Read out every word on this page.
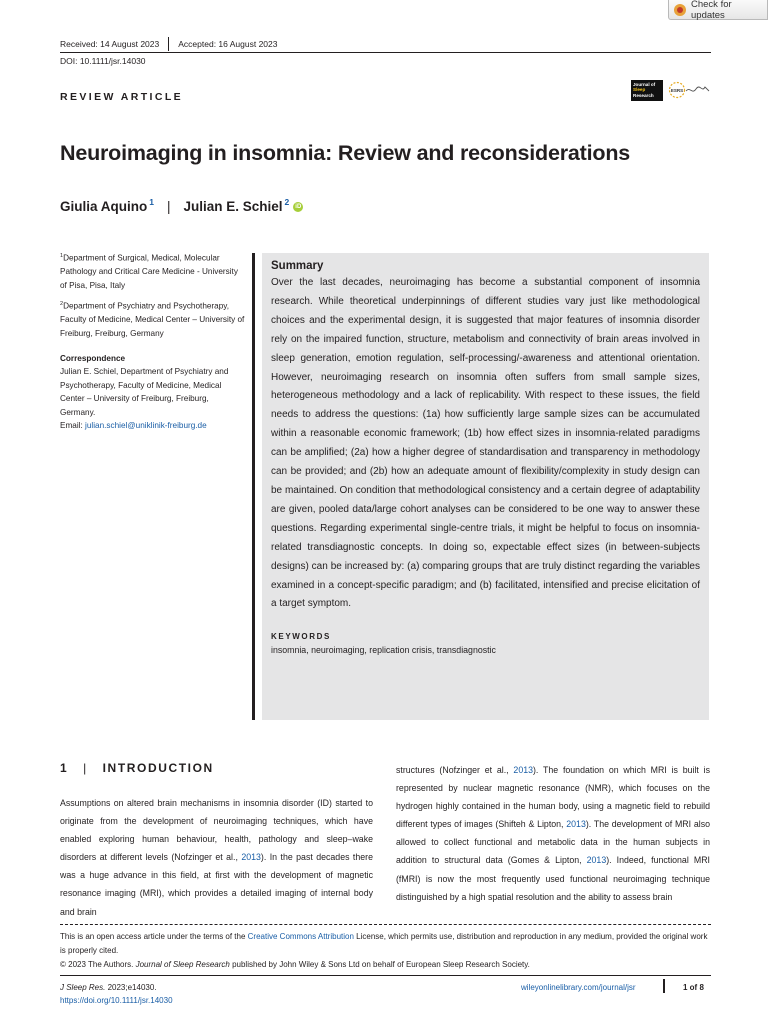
Check for updates
Received: 14 August 2023 Accepted: 16 August 2023
DOI: 10.1111/jsr.14030
REVIEW ARTICLE
Journal of
Sleep
Research
ESRS
Neuroimaging in insomnia: Review and reconsiderations
Giulia Aquino$^1$ | Julian E. Schiel$^2$	iD

$^1$Department of Surgical, Medical, Molecular Pathology and Critical Care Medicine - University of Pisa, Pisa, Italy

$^2$Department of Psychiatry and Psychotherapy, Faculty of Medicine, Medical Center – University of Freiburg, Freiburg, Germany

Correspondence

Julian E. Schiel, Department of Psychiatry and Psychotherapy, Faculty of Medicine, Medical Center – University of Freiburg, Freiburg, Germany.
Email: julian.schiel@uniklinik-freiburg.de

Summary

Over the last decades, neuroimaging has become a substantial component of insomnia research. While theoretical underpinnings of different studies vary just like methodological choices and the experimental design, it is suggested that major features of insomnia disorder rely on the impaired function, structure, metabolism and connectivity of brain areas involved in sleep generation, emotion regulation, self-processing/-awareness and attentional orientation. However, neuroimaging research on insomnia often suffers from small sample sizes, heterogeneous methodology and a lack of replicability. With respect to these issues, the field needs to address the questions: (1a) how sufficiently large sample sizes can be accumulated within a reasonable economic framework; (1b) how effect sizes in insomnia-related paradigms can be amplified; (2a) how a higher degree of standardisation and transparency in methodology can be provided; and (2b) how an adequate amount of flexibility/complexity in study design can be maintained. On condition that methodological consistency and a certain degree of adaptability are given, pooled data/large cohort analyses can be considered to be one way to answer these questions. Regarding experimental single-centre trials, it might be helpful to focus on insomnia-related transdiagnostic concepts. In doing so, expectable effect sizes (in between-subjects designs) can be increased by: (a) comparing groups that are truly distinct regarding the variables examined in a concept-specific paradigm; and (b) facilitated, intensified and precise elicitation of a target symptom.

KEYWORDS
insomnia, neuroimaging, replication crisis, transdiagnostic
1 | INTRODUCTION
Assumptions on altered brain mechanisms in insomnia disorder (ID) started to originate from the development of neuroimaging techniques, which have enabled exploring human behaviour, health, pathology and sleep–wake disorders at different levels (Nofzinger et al., 2013). In the past decades there was a huge advance in this field, at first with the development of magnetic resonance imaging (MRI), which provides a detailed imaging of internal body and brain
structures (Nofzinger et al., 2013). The foundation on which MRI is built is represented by nuclear magnetic resonance (NMR), which focuses on the hydrogen highly contained in the human body, using a magnetic field to rebuild different types of images (Shifteh & Lipton, 2013). The development of MRI also allowed to collect functional and metabolic data in the human subjects in addition to structural data (Gomes & Lipton, 2013). Indeed, functional MRI (fMRI) is now the most frequently used functional neuroimaging technique distinguished by a high spatial resolution and the ability to assess brain
This is an open access article under the terms of the Creative Commons Attribution License, which permits use, distribution and reproduction in any medium, provided the original work is properly cited.
© 2023 The Authors. Journal of Sleep Research published by John Wiley & Sons Ltd on behalf of European Sleep Research Society.
J Sleep Res. 2023;e14030.
https://doi.org/10.1111/jsr.14030
wileyonlinelibrary.com/journal/jsr	1 of 8
